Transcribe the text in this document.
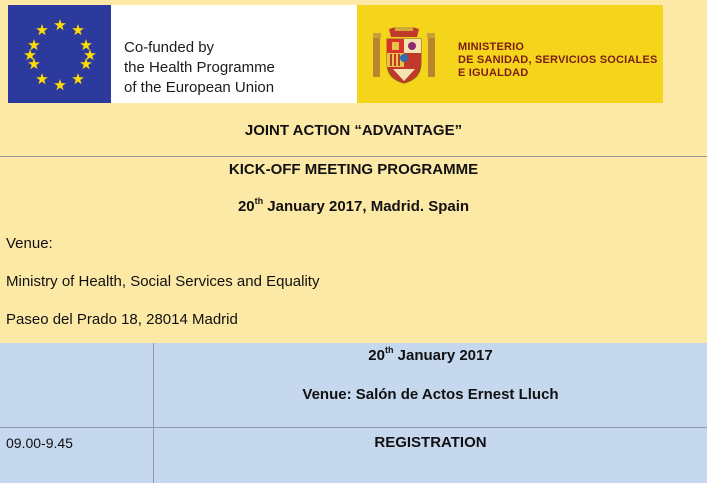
Co-funded by
the Health Programme
of the European Union
MINISTERIO
DE SANIDAD, SERVICIOS SOCIALES
E IGUALDAD
JOINT ACTION “ADVANTAGE”
KICK-OFF MEETING PROGRAMME
20th January 2017, Madrid. Spain
Venue:
Ministry of Health, Social Services and Equality
Paseo del Prado 18, 28014 Madrid
20th January 2017
Venue: Salón de Actos Ernest Lluch
09.00-9.45	REGISTRATION
